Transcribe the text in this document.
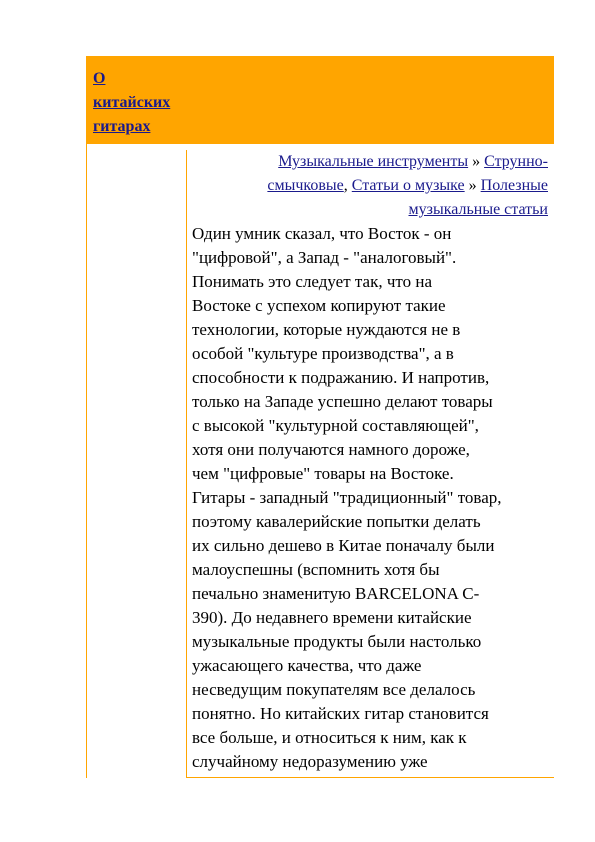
О
китайских
гитарах
Музыкальные инструменты » Струнно-
смычковые, Статьи о музыке » Полезные
музыкальные статьи
Один умник сказал, что Восток - он
"цифровой", а Запад - "аналоговый".
Понимать это следует так, что на
Востоке с успехом копируют такие
технологии, которые нуждаются не в
особой "культуре производства", а в
способности к подражанию. И напротив,
только на Западе успешно делают товары
с высокой "культурной составляющей",
хотя они получаются намного дороже,
чем "цифровые" товары на Востоке.
Гитары - западный "традиционный" товар,
поэтому кавалерийские попытки делать
их сильно дешево в Китае поначалу были
малоуспешны (вспомнить хотя бы
печально знаменитую BARCELONA C-
390). До недавнего времени китайские
музыкальные продукты были настолько
ужасающего качества, что даже
несведущим покупателям все делалось
понятно. Но китайских гитар становится
все больше, и относиться к ним, как к
случайному недоразумению уже
